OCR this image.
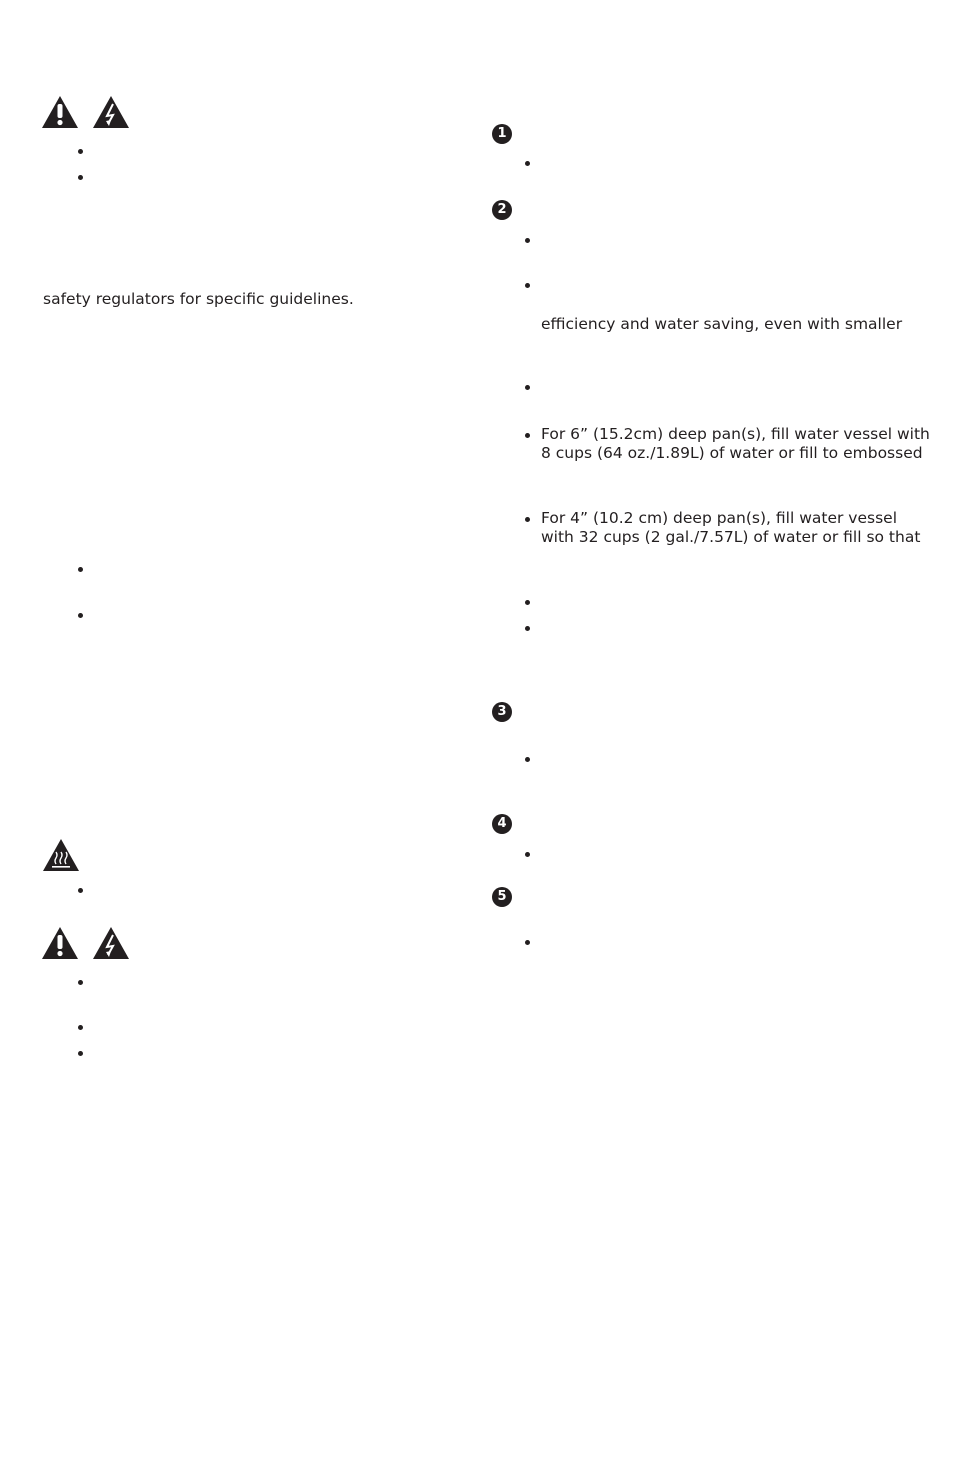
safety regulators for specific guidelines.
1
2
efficiency and water saving, even with smaller
For 6” (15.2cm) deep pan(s), fill water vessel with
8 cups (64 oz./1.89L) of water or fill to embossed
For 4” (10.2 cm) deep pan(s), fill water vessel
with 32 cups (2 gal./7.57L) of water or fill so that
3
4
5
